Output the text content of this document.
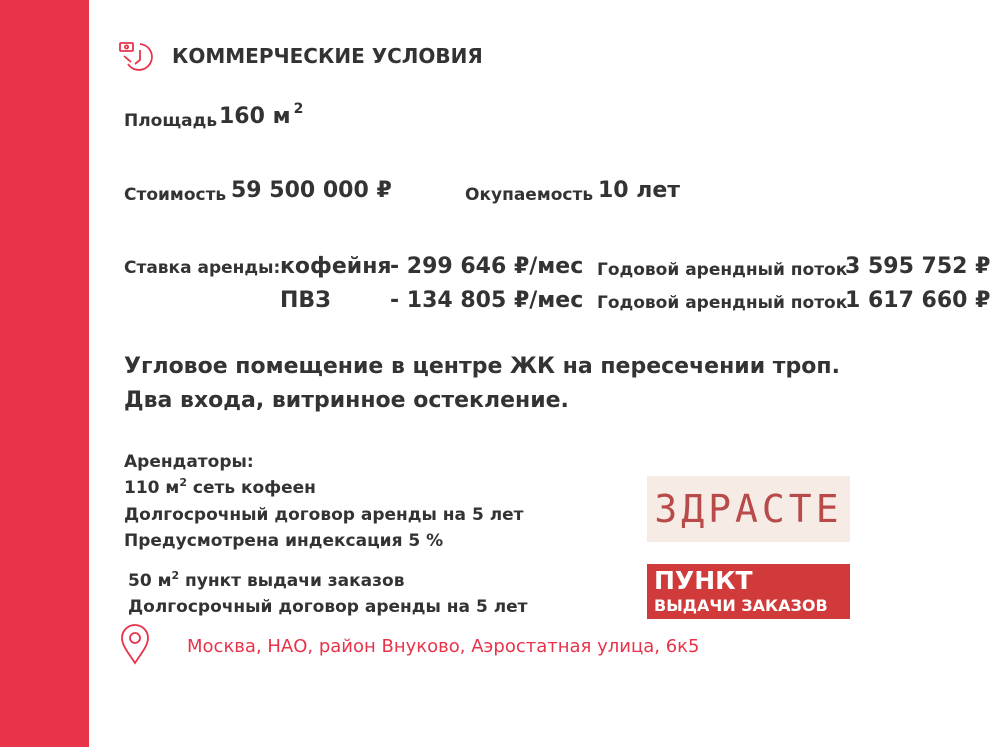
КОММЕРЧЕСКИЕ УСЛОВИЯ
Площадь 160 м $^2$
Стоимость 59 500 000 ₽	Окупаемость 10 лет
Ставка аренды: кофейня
- 299 646 ₽/мес
ПВЗ	- 134 805 ₽/мес
Годовой арендный поток
3 595 752 ₽
Годовой арендный поток
1 617 660 ₽
Угловое помещение в центре ЖК на пересечении троп.
Два входа, витринное остекление.
Арендаторы:
110 $м^2$ сеть кофеен
Долгосрочный договор аренды на 5 лет
Предусмотрена индексация 5 %
50 $м^2$ пункт выдачи заказов
Долгосрочный договор аренды на 5 лет
ЗДРАСТЕ
ПУНКТ
ВЫДАЧИ ЗАКАЗОВ
Москва, НАО, район Внуково, Аэростатная улица, 6к5
